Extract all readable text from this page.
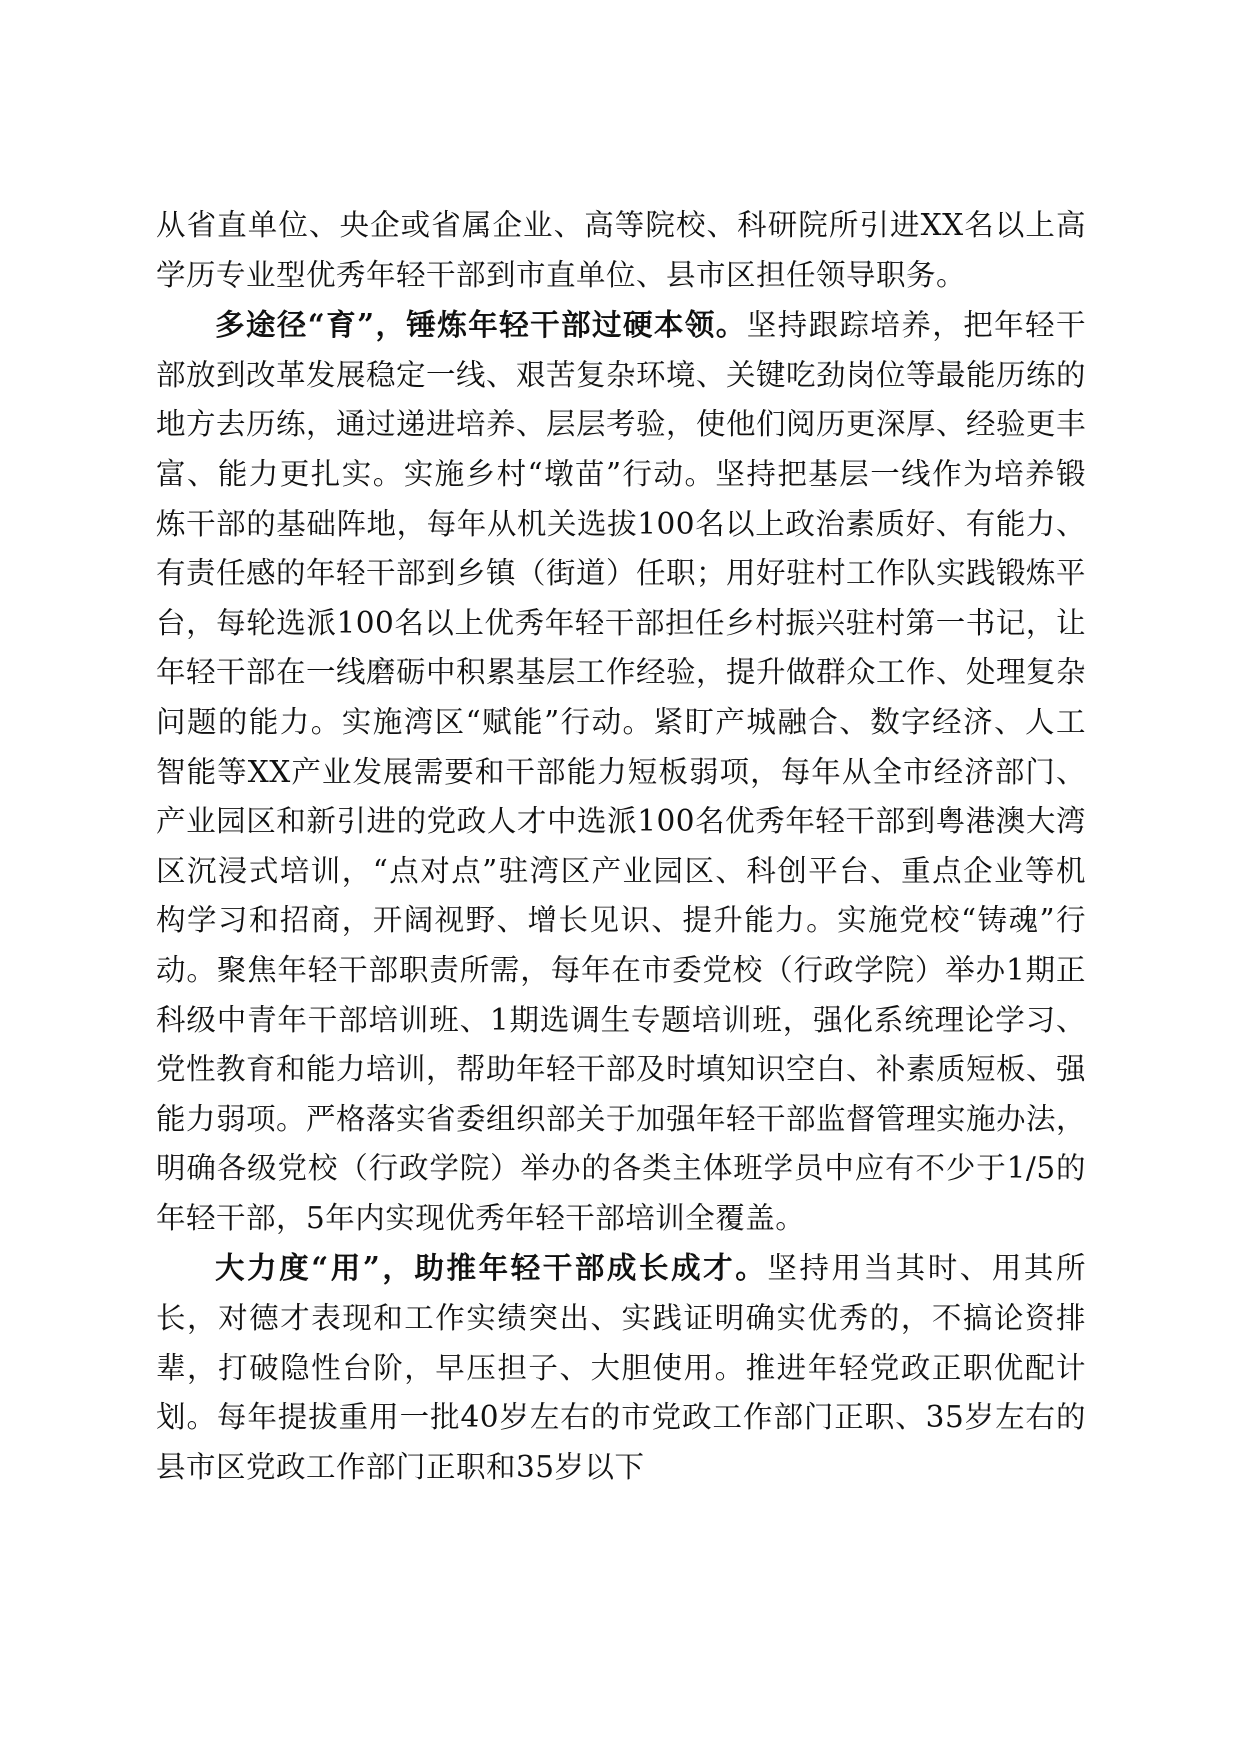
从省直单位、央企或省属企业、高等院校、科研院所引进XX名以上高学历专业型优秀年轻干部到市直单位、县市区担任领导职务。

多途径“育”，锤炼年轻干部过硬本领。坚持跟踪培养，把年轻干部放到改革发展稳定一线、艰苦复杂环境、关键吃劲岗位等最能历练的地方去历练，通过递进培养、层层考验，使他们阅历更深厚、经验更丰富、能力更扎实。实施乡村“墩苗”行动。坚持把基层一线作为培养锻炼干部的基础阵地，每年从机关选拔100名以上政治素质好、有能力、有责任感的年轻干部到乡镇（街道）任职；用好驻村工作队实践锻炼平台，每轮选派100名以上优秀年轻干部担任乡村振兴驻村第一书记，让年轻干部在一线磨砺中积累基层工作经验，提升做群众工作、处理复杂问题的能力。实施湾区“赋能”行动。紧盯产城融合、数字经济、人工智能等XX产业发展需要和干部能力短板弱项，每年从全市经济部门、产业园区和新引进的党政人才中选派100名优秀年轻干部到粤港澳大湾区沉浸式培训，“点对点”驻湾区产业园区、科创平台、重点企业等机构学习和招商，开阔视野、增长见识、提升能力。实施党校“铸魂”行动。聚焦年轻干部职责所需，每年在市委党校（行政学院）举办1期正科级中青年干部培训班、1期选调生专题培训班，强化系统理论学习、党性教育和能力培训，帮助年轻干部及时填知识空白、补素质短板、强能力弱项。严格落实省委组织部关于加强年轻干部监督管理实施办法，明确各级党校（行政学院）举办的各类主体班学员中应有不少于1/5的年轻干部，5年内实现优秀年轻干部培训全覆盖。

大力度“用”，助推年轻干部成长成才。坚持用当其时、用其所长，对德才表现和工作实绩突出、实践证明确实优秀的，不搞论资排辈，打破隐性台阶，早压担子、大胆使用。推进年轻党政正职优配计划。每年提拔重用一批40岁左右的市党政工作部门正职、35岁左右的县市区党政工作部门正职和35岁以下
